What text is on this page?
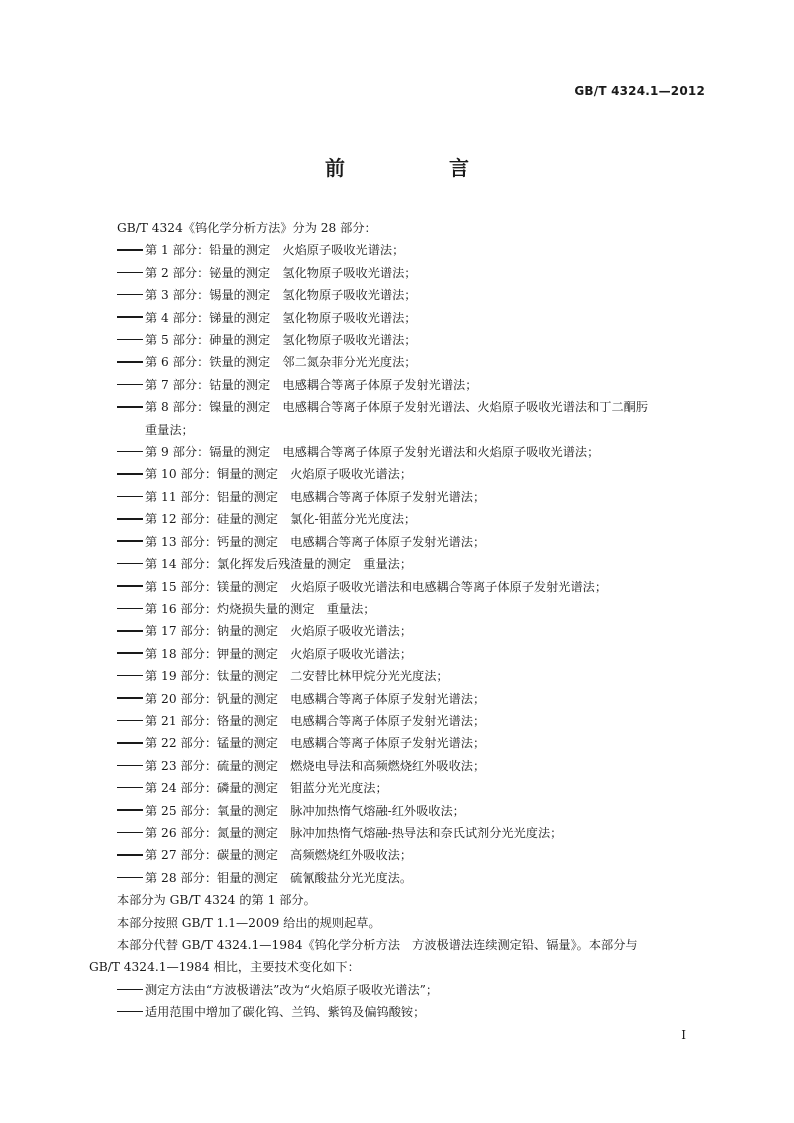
GB/T 4324.1—2012
前　言
GB/T 4324《钨化学分析方法》分为 28 部分：
第 1 部分：铅量的测定　火焰原子吸收光谱法；
第 2 部分：铋量的测定　氢化物原子吸收光谱法；
第 3 部分：锡量的测定　氢化物原子吸收光谱法；
第 4 部分：锑量的测定　氢化物原子吸收光谱法；
第 5 部分：砷量的测定　氢化物原子吸收光谱法；
第 6 部分：铁量的测定　邻二氮杂菲分光光度法；
第 7 部分：钴量的测定　电感耦合等离子体原子发射光谱法；
第 8 部分：镍量的测定　电感耦合等离子体原子发射光谱法、火焰原子吸收光谱法和丁二酮肟
重量法；
第 9 部分：镉量的测定　电感耦合等离子体原子发射光谱法和火焰原子吸收光谱法；
第 10 部分：铜量的测定　火焰原子吸收光谱法；
第 11 部分：铝量的测定　电感耦合等离子体原子发射光谱法；
第 12 部分：硅量的测定　氯化-钼蓝分光光度法；
第 13 部分：钙量的测定　电感耦合等离子体原子发射光谱法；
第 14 部分：氯化挥发后残渣量的测定　重量法；
第 15 部分：镁量的测定　火焰原子吸收光谱法和电感耦合等离子体原子发射光谱法；
第 16 部分：灼烧损失量的测定　重量法；
第 17 部分：钠量的测定　火焰原子吸收光谱法；
第 18 部分：钾量的测定　火焰原子吸收光谱法；
第 19 部分：钛量的测定　二安替比林甲烷分光光度法；
第 20 部分：钒量的测定　电感耦合等离子体原子发射光谱法；
第 21 部分：铬量的测定　电感耦合等离子体原子发射光谱法；
第 22 部分：锰量的测定　电感耦合等离子体原子发射光谱法；
第 23 部分：硫量的测定　燃烧电导法和高频燃烧红外吸收法；
第 24 部分：磷量的测定　钼蓝分光光度法；
第 25 部分：氧量的测定　脉冲加热惰气熔融-红外吸收法；
第 26 部分：氮量的测定　脉冲加热惰气熔融-热导法和奈氏试剂分光光度法；
第 27 部分：碳量的测定　高频燃烧红外吸收法；
第 28 部分：钼量的测定　硫氰酸盐分光光度法。
本部分为 GB/T 4324 的第 1 部分。
本部分按照 GB/T 1.1—2009 给出的规则起草。
本部分代替 GB/T 4324.1—1984《钨化学分析方法　方波极谱法连续测定铅、镉量》。本部分与
GB/T 4324.1—1984 相比，主要技术变化如下：
测定方法由“方波极谱法”改为“火焰原子吸收光谱法”；
适用范围中增加了碳化钨、兰钨、紫钨及偏钨酸铵；
I
